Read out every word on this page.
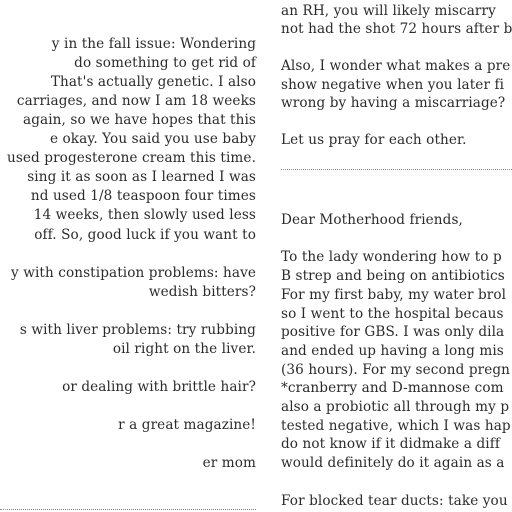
y in the fall issue: Wondering
do something to get rid of
That's actually genetic. I also
carriages, and now I am 18 weeks
again, so we have hopes that this
e okay. You said you use baby
used progesterone cream this time.
sing it as soon as I learned I was
nd used 1/8 teaspoon four times
14 weeks, then slowly used less
off. So, good luck if you want to
y with constipation problems: have
wedish bitters?
s with liver problems: try rubbing
oil right on the liver.
or dealing with brittle hair?
r a great magazine!
er mom
an RH, you will likely miscarry
not had the shot 72 hours after b
Also, I wonder what makes a pre
show negative when you later fi
wrong by having a miscarriage?
Let us pray for each other.
Dear Motherhood friends,
To the lady wondering how to p
B strep and being on antibiotics
For my first baby, my water brol
so I went to the hospital becaus
positive for GBS. I was only dila
and ended up having a long mis
(36 hours). For my second pregn
*cranberry and D-mannose com
also a probiotic all through my p
tested negative, which I was hap
do not know if it didmake a diff
would definitely do it again as a
For blocked tear ducts: take you
